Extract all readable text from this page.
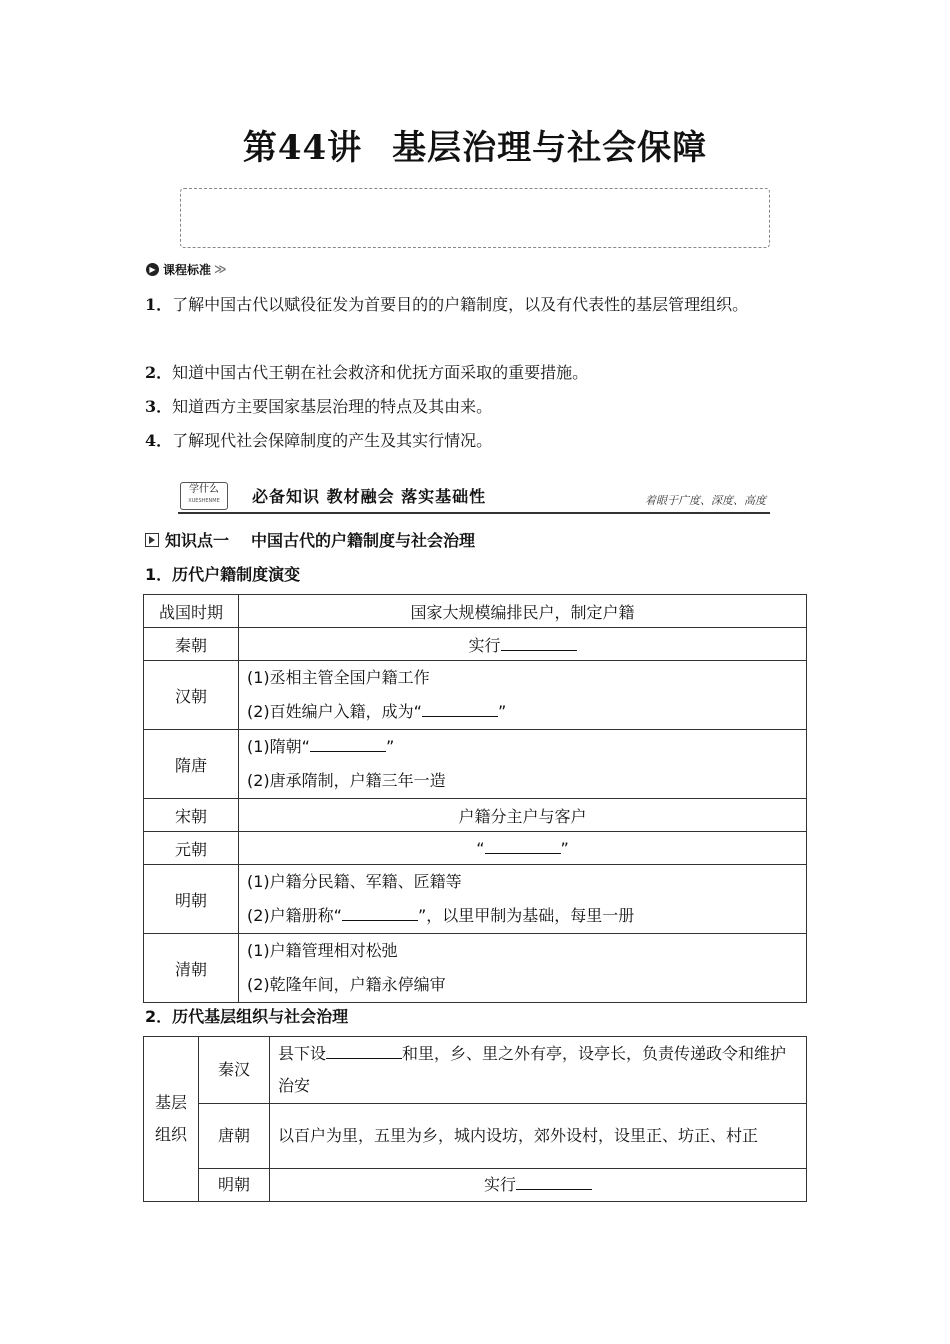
第44讲 基层治理与社会保障
▶ 课程标准 ≫
1．了解中国古代以赋役征发为首要目的的户籍制度，以及有代表性的基层管理组织。
2．知道中国古代王朝在社会救济和优抚方面采取的重要措施。
3．知道西方主要国家基层治理的特点及其由来。
4．了解现代社会保障制度的产生及其实行情况。
学什么
XUESHENME	必备知识 教材融会 落实基础性	着眼于广度、深度、高度
知识点一 中国古代的户籍制度与社会治理
1．历代户籍制度演变
战国时期	国家大规模编排民户，制定户籍
秦朝	实行
汉朝	(1)丞相主管全国户籍工作
(2)百姓编户入籍，成为“ ”

隋唐	(1)隋朝“ ”
(2)唐承隋制，户籍三年一造

宋朝	户籍分主户与客户
元朝	“ ”
明朝	(1)户籍分民籍、军籍、匠籍等
(2)户籍册称“ ”，以里甲制为基础，每里一册

清朝	(1)户籍管理相对松弛
(2)乾隆年间，户籍永停编审
2．历代基层组织与社会治理
基层组织	秦汉	县下设 和里，乡、里之外有亭，设亭长，负责传递政令和维护治安
	唐朝	以百户为里，五里为乡，城内设坊，郊外设村，设里正、坊正、村正
	明朝	实行
